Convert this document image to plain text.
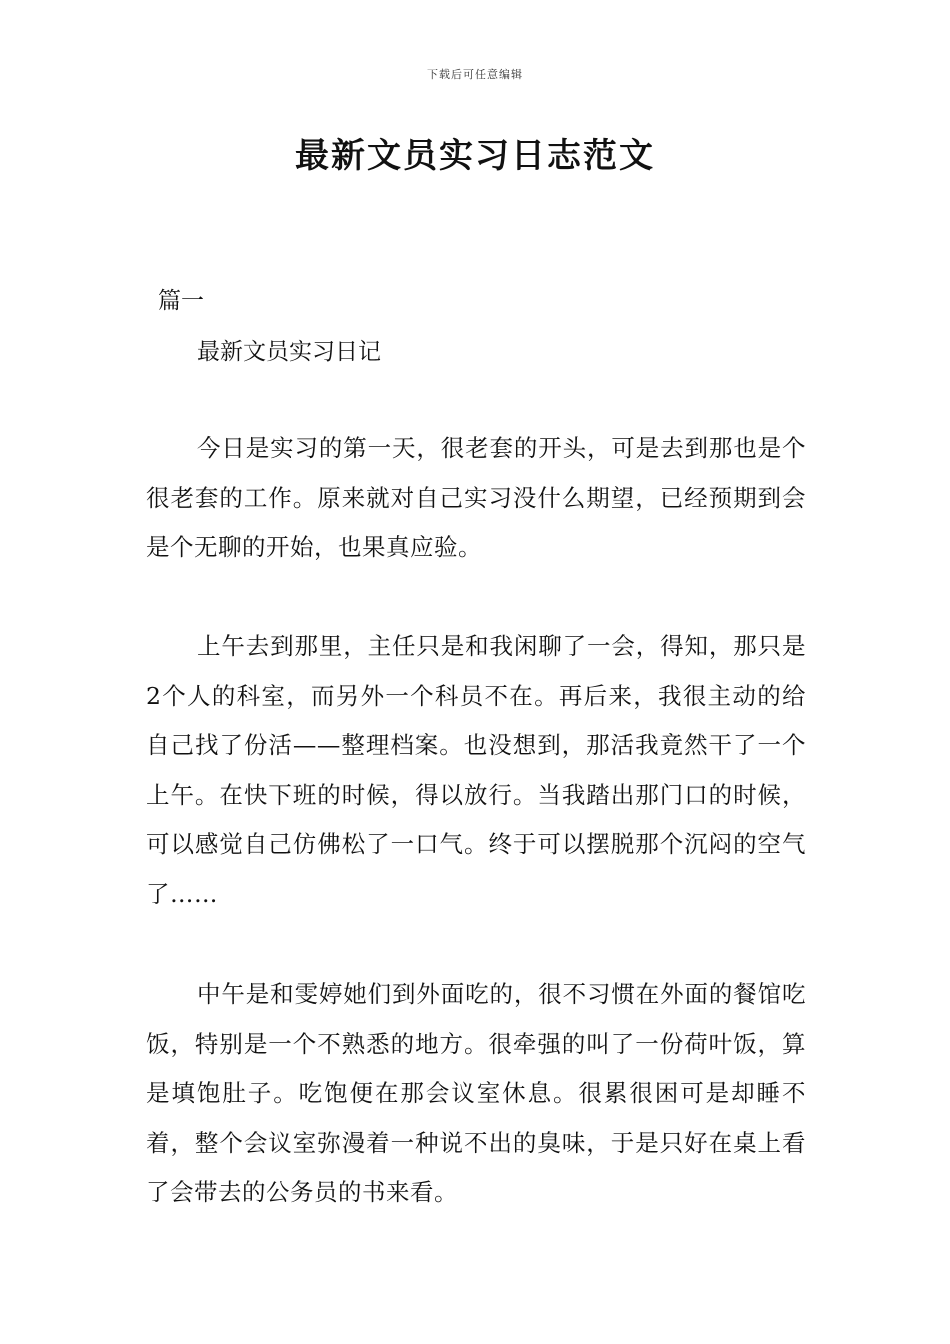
下载后可任意编辑
最新文员实习日志范文

篇一

最新文员实习日记

今日是实习的第一天，很老套的开头，可是去到那也是个很老套的工作。原来就对自己实习没什么期望，已经预期到会是个无聊的开始，也果真应验。

上午去到那里，主任只是和我闲聊了一会，得知，那只是2个人的科室，而另外一个科员不在。再后来，我很主动的给自己找了份活——整理档案。也没想到，那活我竟然干了一个上午。在快下班的时候，得以放行。当我踏出那门口的时候，可以感觉自己仿佛松了一口气。终于可以摆脱那个沉闷的空气了……

中午是和雯婷她们到外面吃的，很不习惯在外面的餐馆吃饭，特别是一个不熟悉的地方。很牵强的叫了一份荷叶饭，算是填饱肚子。吃饱便在那会议室休息。很累很困可是却睡不着，整个会议室弥漫着一种说不出的臭味，于是只好在桌上看了会带去的公务员的书来看。
